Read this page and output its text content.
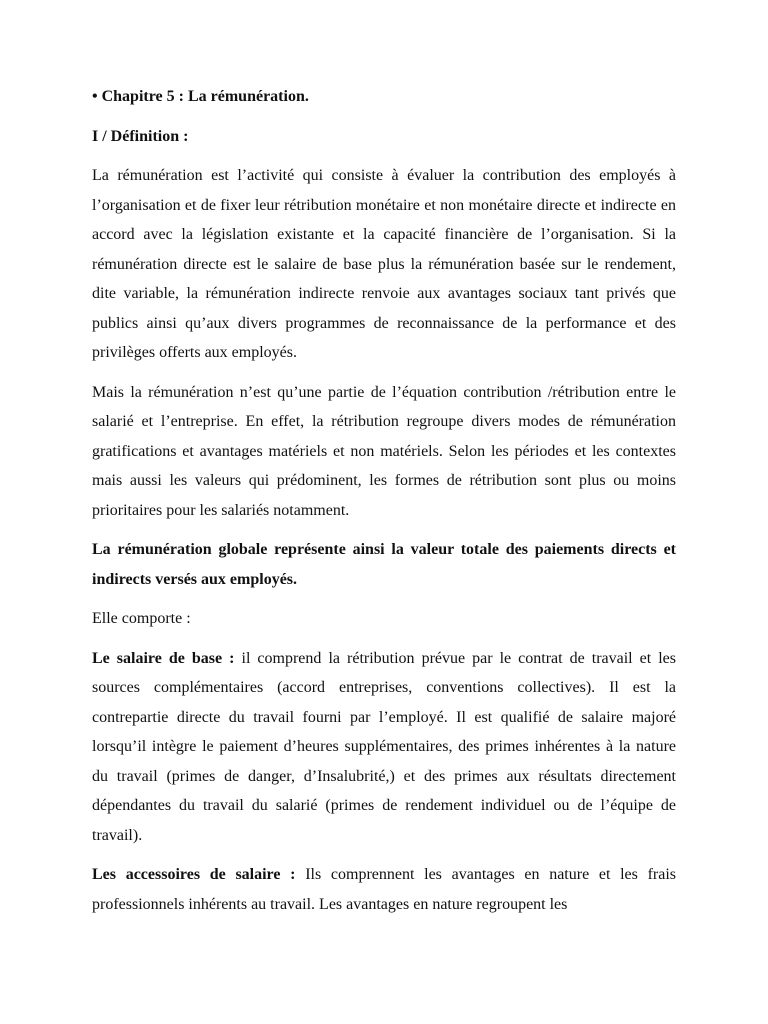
• Chapitre 5 : La rémunération.

I / Définition :

La rémunération est l’activité qui consiste à évaluer la contribution des employés à l’organisation et de fixer leur rétribution monétaire et non monétaire directe et indirecte en accord avec la législation existante et la capacité financière de l’organisation. Si la rémunération directe est le salaire de base plus la rémunération basée sur le rendement, dite variable, la rémunération indirecte renvoie aux avantages sociaux tant privés que publics ainsi qu’aux divers programmes de reconnaissance de la performance et des privilèges offerts aux employés.

Mais la rémunération n’est qu’une partie de l’équation contribution /rétribution entre le salarié et l’entreprise. En effet, la rétribution regroupe divers modes de rémunération gratifications et avantages matériels et non matériels. Selon les périodes et les contextes mais aussi les valeurs qui prédominent, les formes de rétribution sont plus ou moins prioritaires pour les salariés notamment.

La rémunération globale représente ainsi la valeur totale des paiements directs et indirects versés aux employés.

Elle comporte :

Le salaire de base : il comprend la rétribution prévue par le contrat de travail et les sources complémentaires (accord entreprises, conventions collectives). Il est la contrepartie directe du travail fourni par l’employé. Il est qualifié de salaire majoré lorsqu’il intègre le paiement d’heures supplémentaires, des primes inhérentes à la nature du travail (primes de danger, d’Insalubrité,) et des primes aux résultats directement dépendantes du travail du salarié (primes de rendement individuel ou de l’équipe de travail).

Les accessoires de salaire : Ils comprennent les avantages en nature et les frais professionnels inhérents au travail. Les avantages en nature regroupent les
